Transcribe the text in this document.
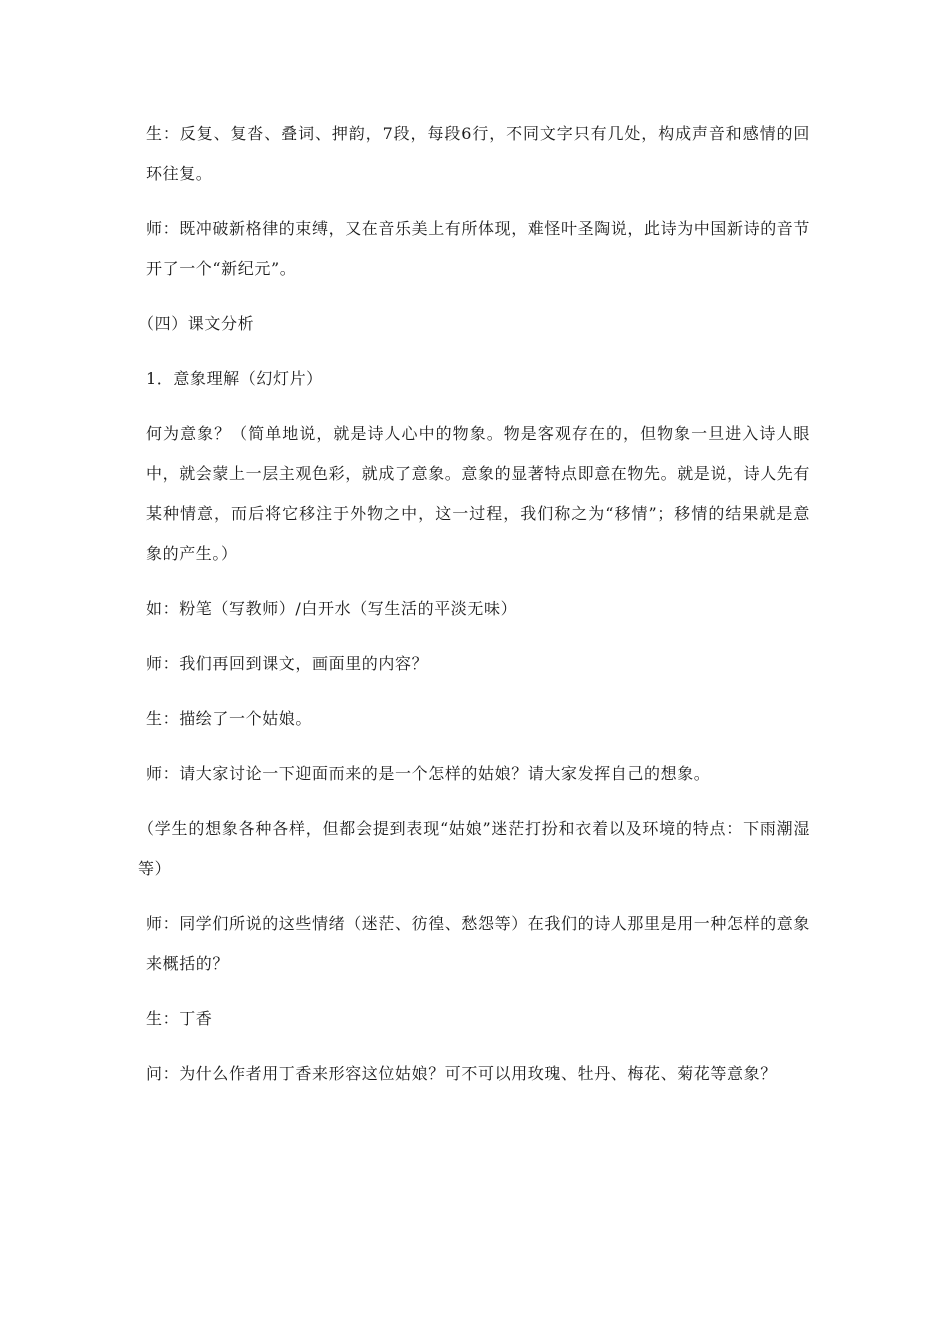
生：反复、复沓、叠词、押韵，7段，每段6行，不同文字只有几处，构成声音和感情的回环往复。

师：既冲破新格律的束缚，又在音乐美上有所体现，难怪叶圣陶说，此诗为中国新诗的音节开了一个“新纪元”。

（四）课文分析

1．意象理解（幻灯片）

何为意象？（简单地说，就是诗人心中的物象。物是客观存在的，但物象一旦进入诗人眼中，就会蒙上一层主观色彩，就成了意象。意象的显著特点即意在物先。就是说，诗人先有某种情意，而后将它移注于外物之中，这一过程，我们称之为“移情”；移情的结果就是意象的产生。）

如：粉笔（写教师）/白开水（写生活的平淡无味）

师：我们再回到课文，画面里的内容？

生：描绘了一个姑娘。

师：请大家讨论一下迎面而来的是一个怎样的姑娘？请大家发挥自己的想象。

（学生的想象各种各样，但都会提到表现“姑娘”迷茫打扮和衣着以及环境的特点：下雨潮湿等）

师：同学们所说的这些情绪（迷茫、彷徨、愁怨等）在我们的诗人那里是用一种怎样的意象来概括的？

生：丁香

问：为什么作者用丁香来形容这位姑娘？可不可以用玫瑰、牡丹、梅花、菊花等意象？
